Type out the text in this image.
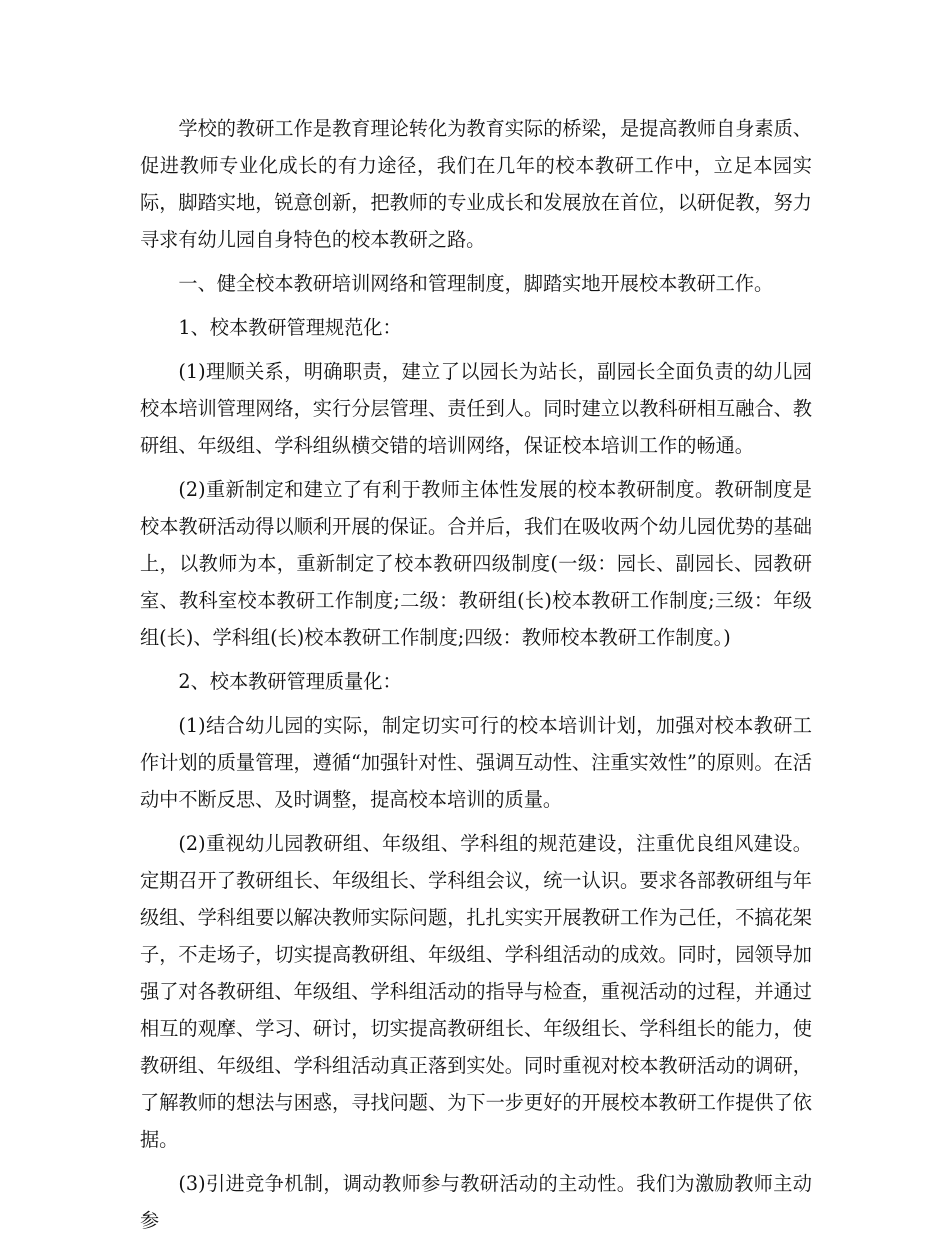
学校的教研工作是教育理论转化为教育实际的桥梁，是提高教师自身素质、促进教师专业化成长的有力途径，我们在几年的校本教研工作中，立足本园实际，脚踏实地，锐意创新，把教师的专业成长和发展放在首位，以研促教，努力寻求有幼儿园自身特色的校本教研之路。

一、健全校本教研培训网络和管理制度，脚踏实地开展校本教研工作。

1、校本教研管理规范化：

(1)理顺关系，明确职责，建立了以园长为站长，副园长全面负责的幼儿园校本培训管理网络，实行分层管理、责任到人。同时建立以教科研相互融合、教研组、年级组、学科组纵横交错的培训网络，保证校本培训工作的畅通。

(2)重新制定和建立了有利于教师主体性发展的校本教研制度。教研制度是校本教研活动得以顺利开展的保证。合并后，我们在吸收两个幼儿园优势的基础上，以教师为本，重新制定了校本教研四级制度(一级：园长、副园长、园教研室、教科室校本教研工作制度;二级：教研组(长)校本教研工作制度;三级：年级组(长)、学科组(长)校本教研工作制度;四级：教师校本教研工作制度。)

2、校本教研管理质量化：

(1)结合幼儿园的实际，制定切实可行的校本培训计划，加强对校本教研工作计划的质量管理，遵循“加强针对性、强调互动性、注重实效性”的原则。在活动中不断反思、及时调整，提高校本培训的质量。

(2)重视幼儿园教研组、年级组、学科组的规范建设，注重优良组风建设。定期召开了教研组长、年级组长、学科组会议，统一认识。要求各部教研组与年级组、学科组要以解决教师实际问题，扎扎实实开展教研工作为己任，不搞花架子，不走场子，切实提高教研组、年级组、学科组活动的成效。同时，园领导加强了对各教研组、年级组、学科组活动的指导与检查，重视活动的过程，并通过相互的观摩、学习、研讨，切实提高教研组长、年级组长、学科组长的能力，使教研组、年级组、学科组活动真正落到实处。同时重视对校本教研活动的调研，了解教师的想法与困惑，寻找问题、为下一步更好的开展校本教研工作提供了依据。

(3)引进竞争机制，调动教师参与教研活动的主动性。我们为激励教师主动参
